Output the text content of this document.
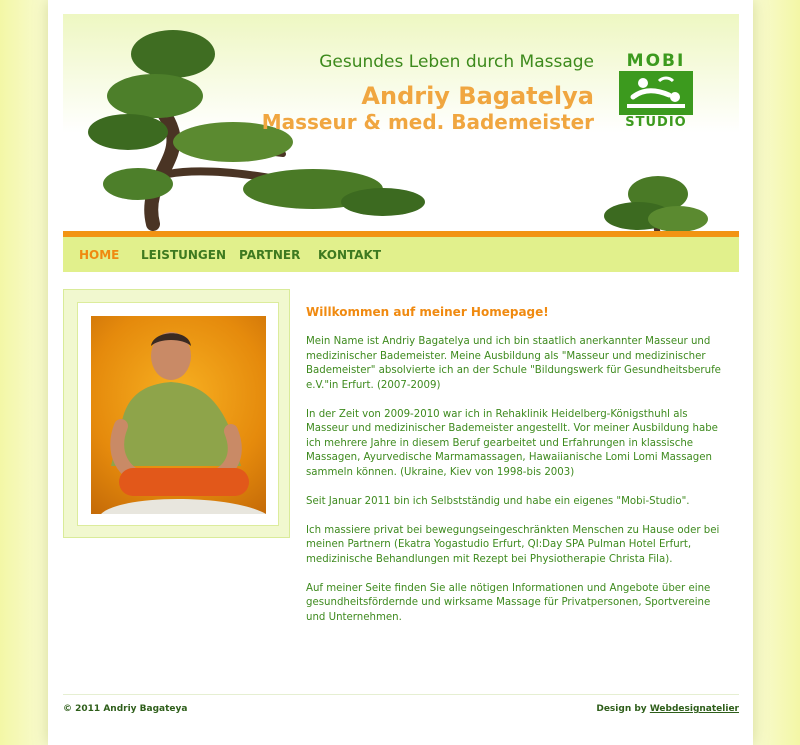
Gesundes Leben durch Massage
Andriy Bagatelya
Masseur & med. Bademeister
MOBI
STUDIO
HOME LEISTUNGEN PARTNER KONTAKT

Willkommen auf meiner Homepage!

Mein Name ist Andriy Bagatelya und ich bin staatlich anerkannter Masseur und medizinischer Bademeister. Meine Ausbildung als "Masseur und medizinischer Bademeister" absolvierte ich an der Schule "Bildungswerk für Gesundheitsberufe e.V."in Erfurt. (2007-2009)

In der Zeit von 2009-2010 war ich in Rehaklinik Heidelberg-Königsthuhl als Masseur und medizinischer Bademeister angestellt. Vor meiner Ausbildung habe ich mehrere Jahre in diesem Beruf gearbeitet und Erfahrungen in klassische Massagen, Ayurvedische Marmamassagen, Hawaiianische Lomi Lomi Massagen sammeln können. (Ukraine, Kiev von 1998-bis 2003)

Seit Januar 2011 bin ich Selbstständig und habe ein eigenes "Mobi-Studio".

Ich massiere privat bei bewegungseingeschränkten Menschen zu Hause oder bei meinen Partnern (Ekatra Yogastudio Erfurt, QI:Day SPA Pulman Hotel Erfurt, medizinische Behandlungen mit Rezept bei Physiotherapie Christa Fila).

Auf meiner Seite finden Sie alle nötigen Informationen und Angebote über eine gesundheitsfördernde und wirksame Massage für Privatpersonen, Sportvereine und Unternehmen.

© 2011 Andriy Bagateya	Design by Webdesignatelier
